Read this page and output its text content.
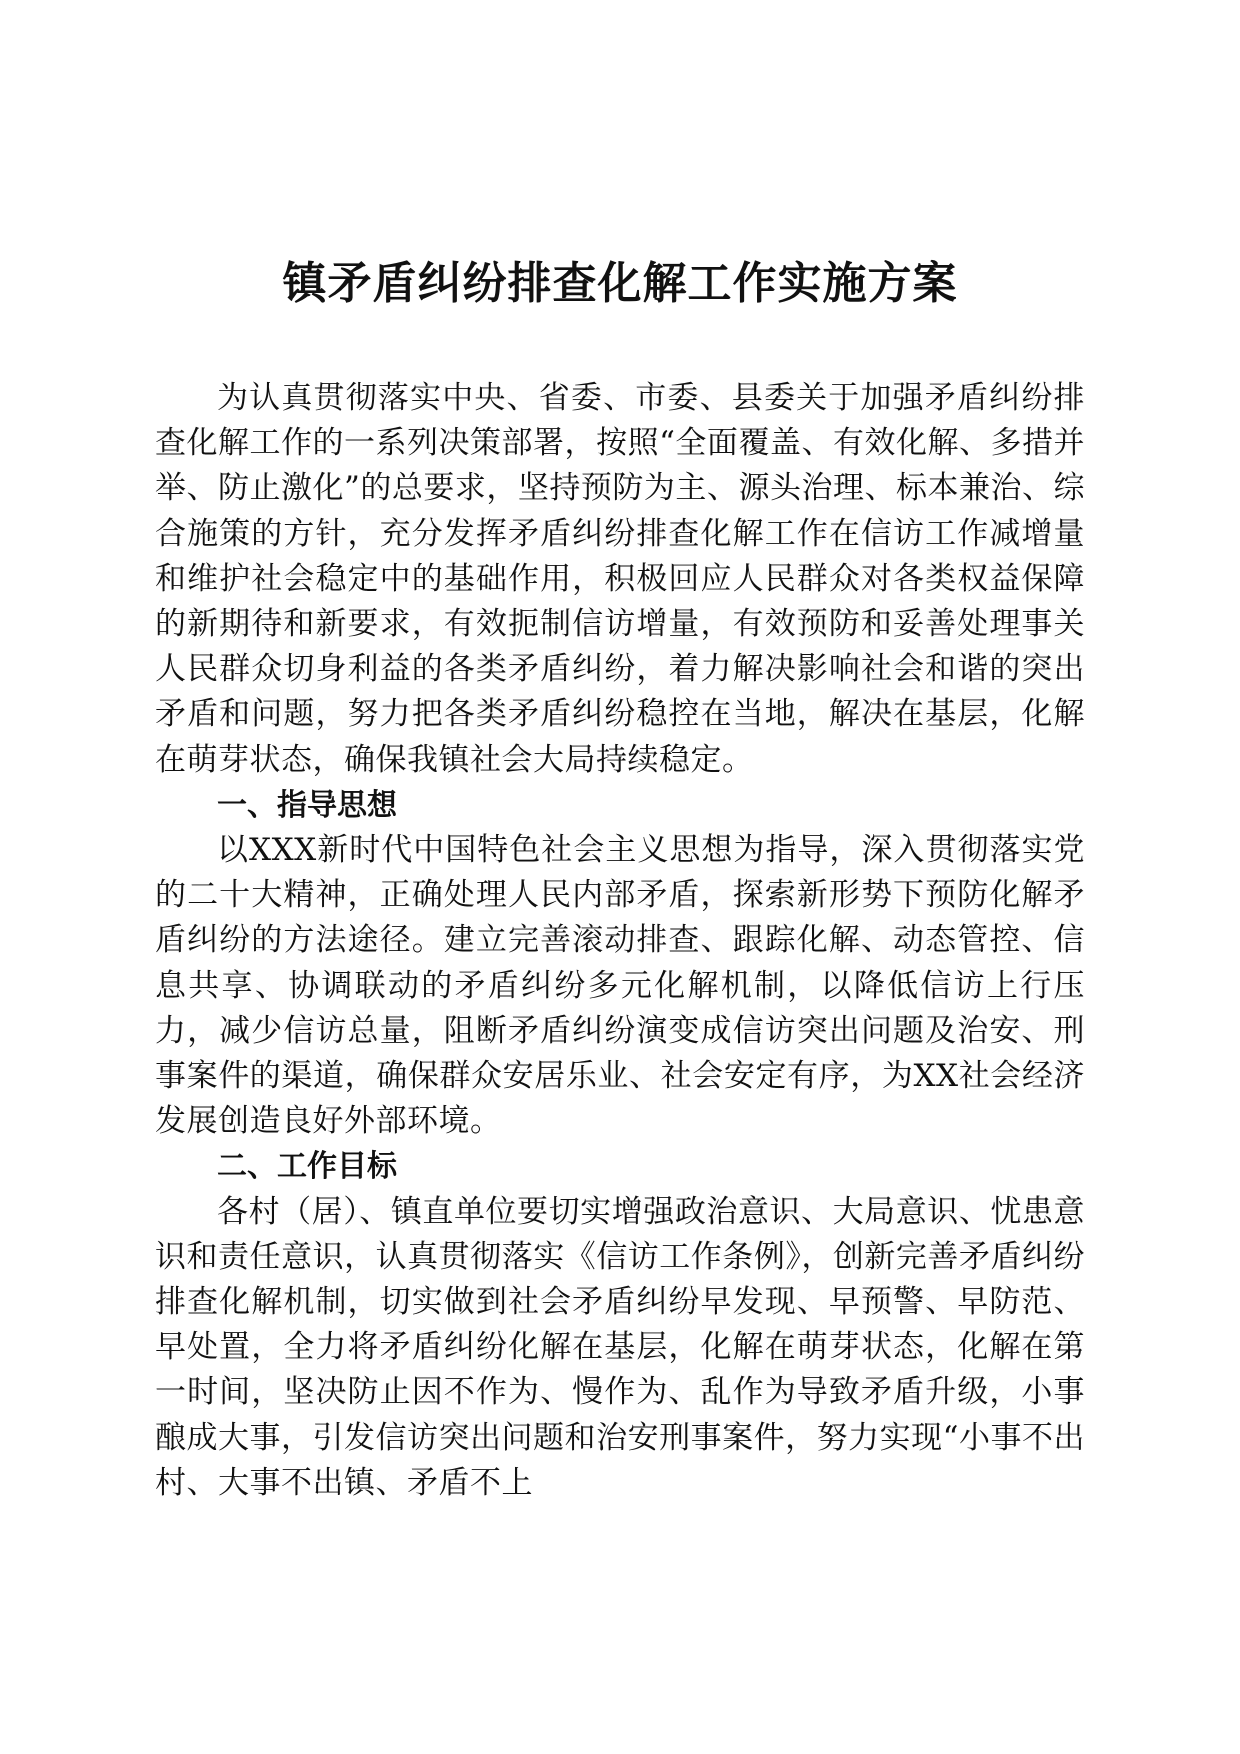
镇矛盾纠纷排查化解工作实施方案

为认真贯彻落实中央、省委、市委、县委关于加强矛盾纠纷排查化解工作的一系列决策部署，按照“全面覆盖、有效化解、多措并举、防止激化”的总要求，坚持预防为主、源头治理、标本兼治、综合施策的方针，充分发挥矛盾纠纷排查化解工作在信访工作减增量和维护社会稳定中的基础作用，积极回应人民群众对各类权益保障的新期待和新要求，有效扼制信访增量，有效预防和妥善处理事关人民群众切身利益的各类矛盾纠纷，着力解决影响社会和谐的突出矛盾和问题，努力把各类矛盾纠纷稳控在当地，解决在基层，化解在萌芽状态，确保我镇社会大局持续稳定。

一、指导思想

以XXX新时代中国特色社会主义思想为指导，深入贯彻落实党的二十大精神，正确处理人民内部矛盾，探索新形势下预防化解矛盾纠纷的方法途径。建立完善滚动排查、跟踪化解、动态管控、信息共享、协调联动的矛盾纠纷多元化解机制，以降低信访上行压力，减少信访总量，阻断矛盾纠纷演变成信访突出问题及治安、刑事案件的渠道，确保群众安居乐业、社会安定有序，为XX社会经济发展创造良好外部环境。

二、工作目标

各村（居）、镇直单位要切实增强政治意识、大局意识、忧患意识和责任意识，认真贯彻落实《信访工作条例》，创新完善矛盾纠纷排查化解机制，切实做到社会矛盾纠纷早发现、早预警、早防范、早处置，全力将矛盾纠纷化解在基层，化解在萌芽状态，化解在第一时间，坚决防止因不作为、慢作为、乱作为导致矛盾升级，小事酿成大事，引发信访突出问题和治安刑事案件，努力实现“小事不出村、大事不出镇、矛盾不上
